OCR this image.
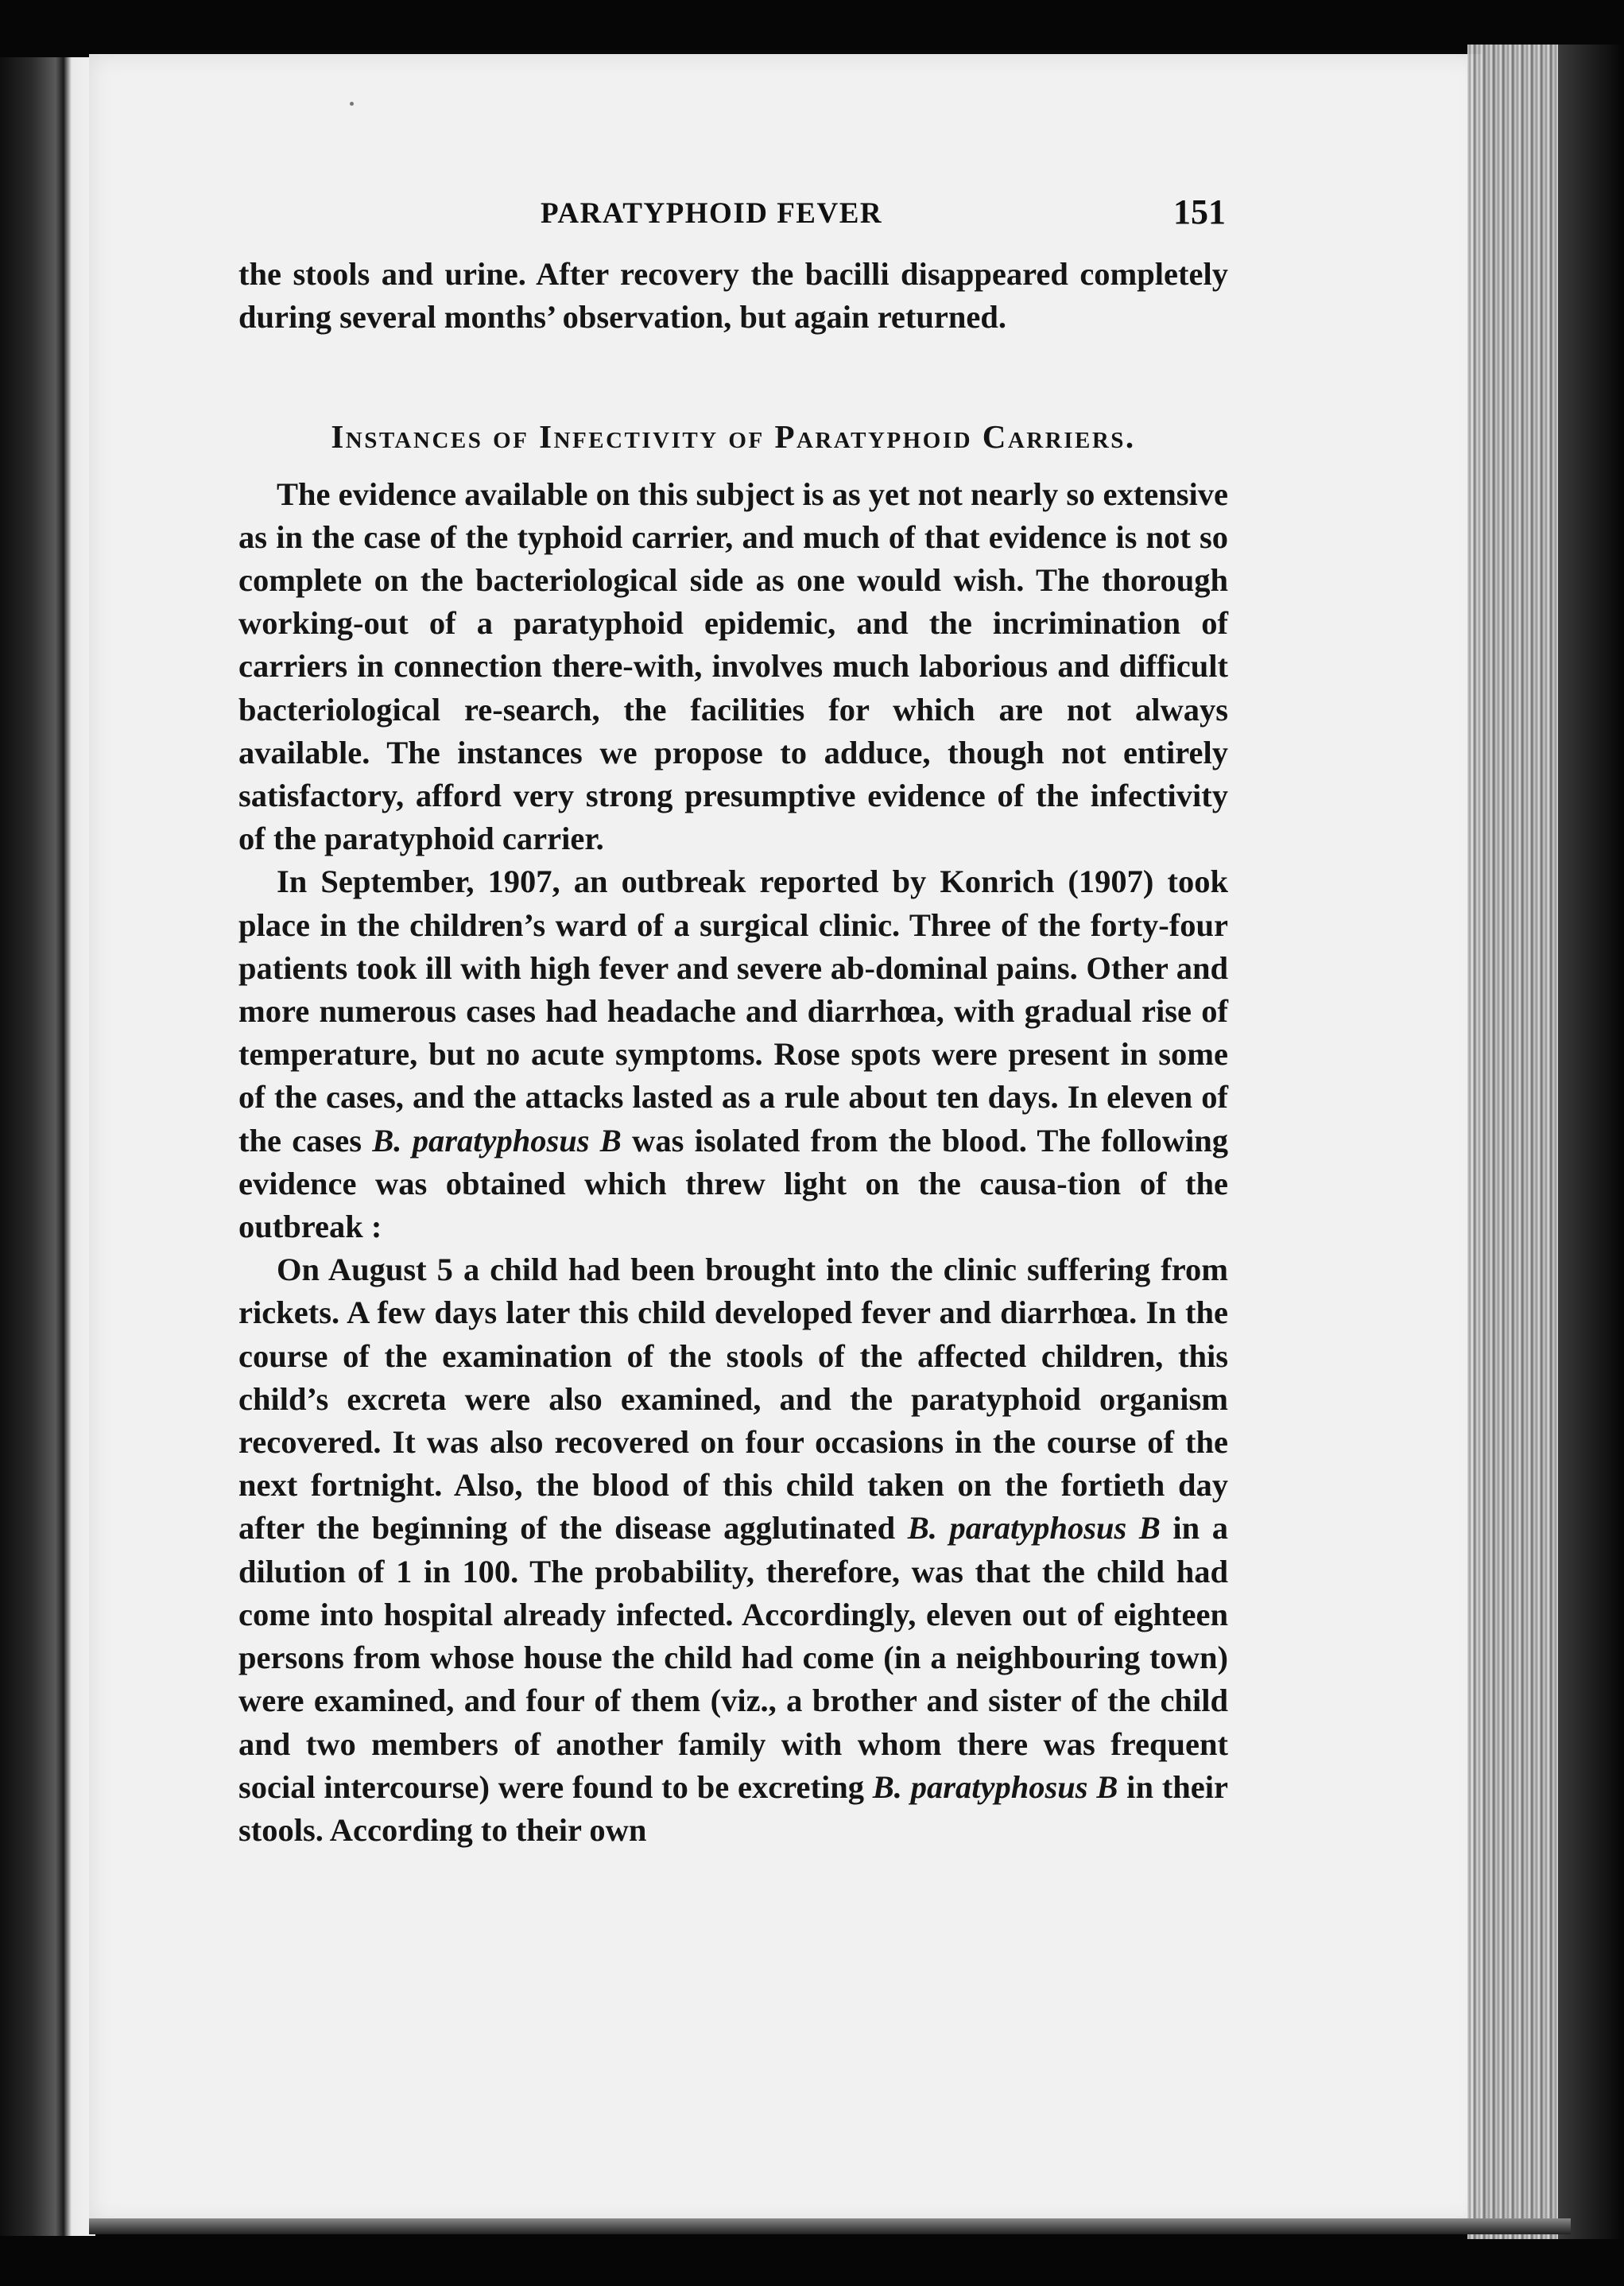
PARATYPHOID FEVER	151

the stools and urine. After recovery the bacilli disappeared completely during several months’ observation, but again returned.

Instances of Infectivity of Paratyphoid Carriers.

The evidence available on this subject is as yet not nearly so extensive as in the case of the typhoid carrier, and much of that evidence is not so complete on the bacteriological side as one would wish. The thorough working-out of a paratyphoid epidemic, and the incrimination of carriers in connection there-with, involves much laborious and difficult bacteriological re-search, the facilities for which are not always available. The instances we propose to adduce, though not entirely satisfactory, afford very strong presumptive evidence of the infectivity of the paratyphoid carrier.

In September, 1907, an outbreak reported by Konrich (1907) took place in the children’s ward of a surgical clinic. Three of the forty-four patients took ill with high fever and severe ab-dominal pains. Other and more numerous cases had headache and diarrhœa, with gradual rise of temperature, but no acute symptoms. Rose spots were present in some of the cases, and the attacks lasted as a rule about ten days. In eleven of the cases B. paratyphosus B was isolated from the blood. The following evidence was obtained which threw light on the causa-tion of the outbreak :

On August 5 a child had been brought into the clinic suffering from rickets. A few days later this child developed fever and diarrhœa. In the course of the examination of the stools of the affected children, this child’s excreta were also examined, and the paratyphoid organism recovered. It was also recovered on four occasions in the course of the next fortnight. Also, the blood of this child taken on the fortieth day after the beginning of the disease agglutinated B. paratyphosus B in a dilution of 1 in 100. The probability, therefore, was that the child had come into hospital already infected. Accordingly, eleven out of eighteen persons from whose house the child had come (in a neighbouring town) were examined, and four of them (viz., a brother and sister of the child and two members of another family with whom there was frequent social intercourse) were found to be excreting B. paratyphosus B in their stools. According to their own
